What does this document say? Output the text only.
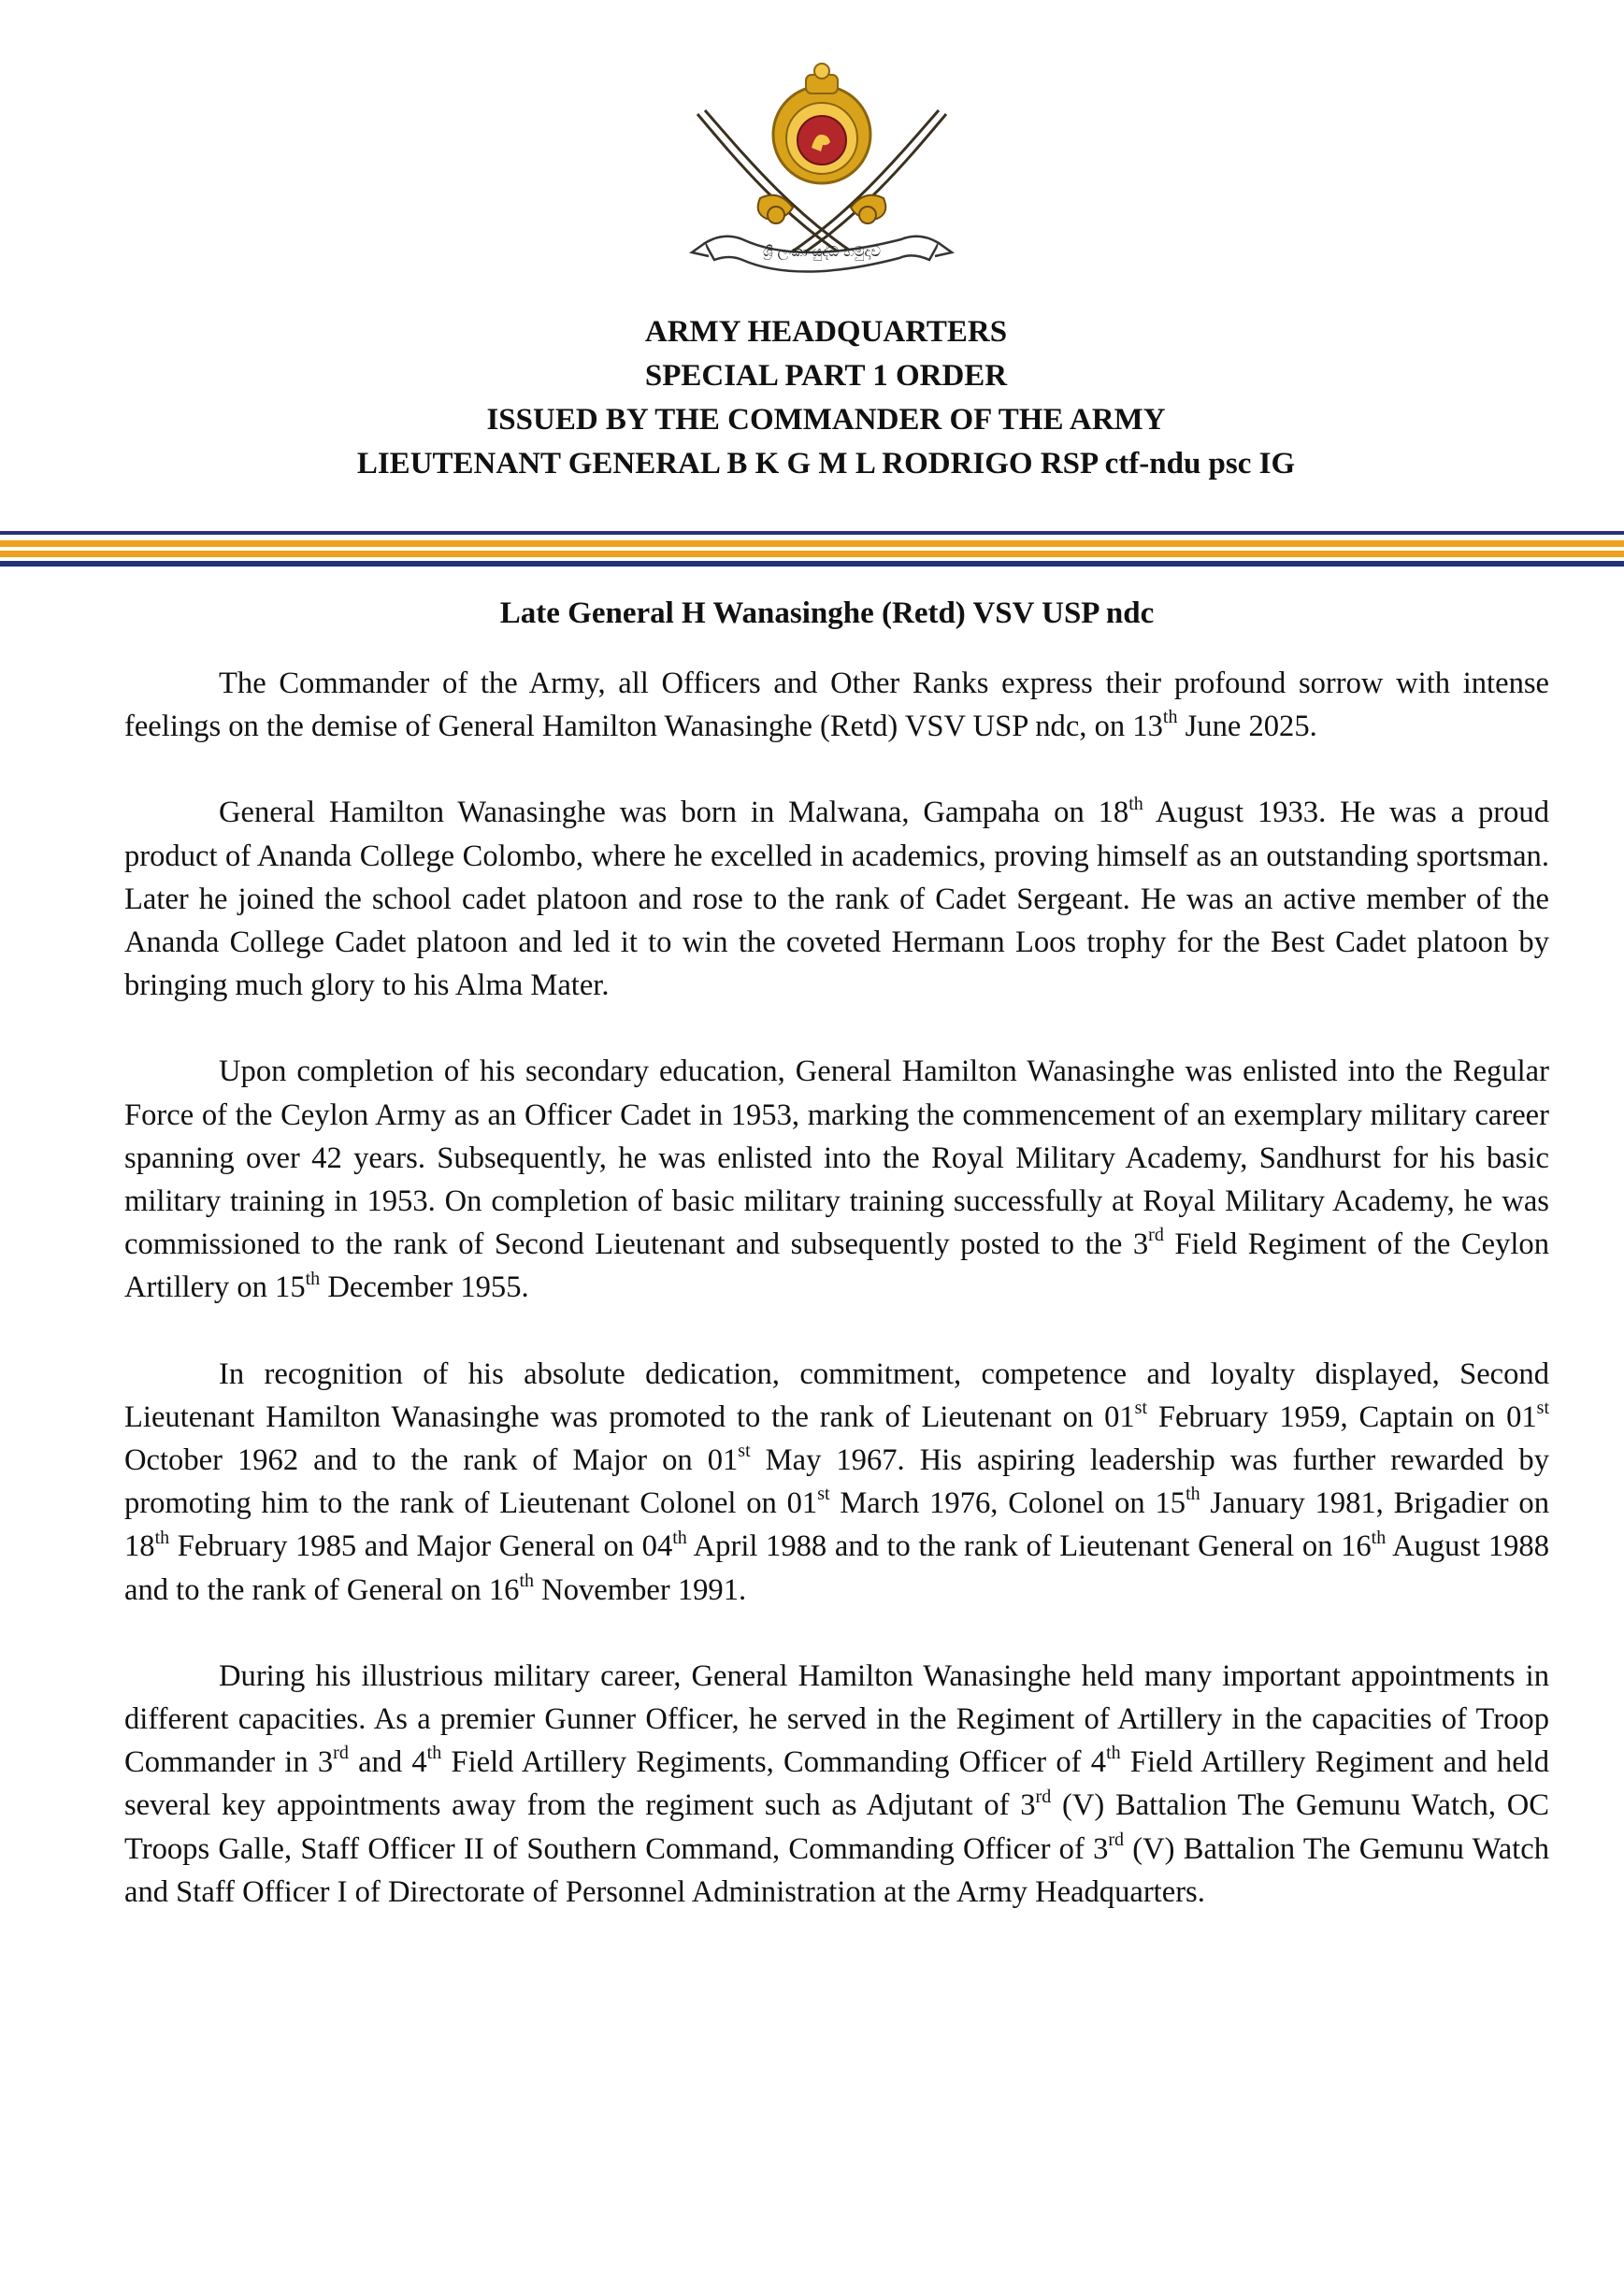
ශ්‍රී ලංකා යුද්ධ හමුදාව
ARMY HEADQUARTERS
SPECIAL PART 1 ORDER
ISSUED BY THE COMMANDER OF THE ARMY
LIEUTENANT GENERAL B K G M L RODRIGO RSP ctf-ndu psc IG
Late General H Wanasinghe (Retd) VSV USP ndc

The Commander of the Army, all Officers and Other Ranks express their profound sorrow with intense feelings on the demise of General Hamilton Wanasinghe (Retd) VSV USP ndc, on 13th June 2025.

General Hamilton Wanasinghe was born in Malwana, Gampaha on 18th August 1933. He was a proud product of Ananda College Colombo, where he excelled in academics, proving himself as an outstanding sportsman. Later he joined the school cadet platoon and rose to the rank of Cadet Sergeant. He was an active member of the Ananda College Cadet platoon and led it to win the coveted Hermann Loos trophy for the Best Cadet platoon by bringing much glory to his Alma Mater.

Upon completion of his secondary education, General Hamilton Wanasinghe was enlisted into the Regular Force of the Ceylon Army as an Officer Cadet in 1953, marking the commencement of an exemplary military career spanning over 42 years. Subsequently, he was enlisted into the Royal Military Academy, Sandhurst for his basic military training in 1953. On completion of basic military training successfully at Royal Military Academy, he was commissioned to the rank of Second Lieutenant and subsequently posted to the 3rd Field Regiment of the Ceylon Artillery on 15th December 1955.

In recognition of his absolute dedication, commitment, competence and loyalty displayed, Second Lieutenant Hamilton Wanasinghe was promoted to the rank of Lieutenant on 01st February 1959, Captain on 01st October 1962 and to the rank of Major on 01st May 1967. His aspiring leadership was further rewarded by promoting him to the rank of Lieutenant Colonel on 01st March 1976, Colonel on 15th January 1981, Brigadier on 18th February 1985 and Major General on 04th April 1988 and to the rank of Lieutenant General on 16th August 1988 and to the rank of General on 16th November 1991.

During his illustrious military career, General Hamilton Wanasinghe held many important appointments in different capacities. As a premier Gunner Officer, he served in the Regiment of Artillery in the capacities of Troop Commander in 3rd and 4th Field Artillery Regiments, Commanding Officer of 4th Field Artillery Regiment and held several key appointments away from the regiment such as Adjutant of 3rd (V) Battalion The Gemunu Watch, OC Troops Galle, Staff Officer II of Southern Command, Commanding Officer of 3rd (V) Battalion The Gemunu Watch and Staff Officer I of Directorate of Personnel Administration at the Army Headquarters.
